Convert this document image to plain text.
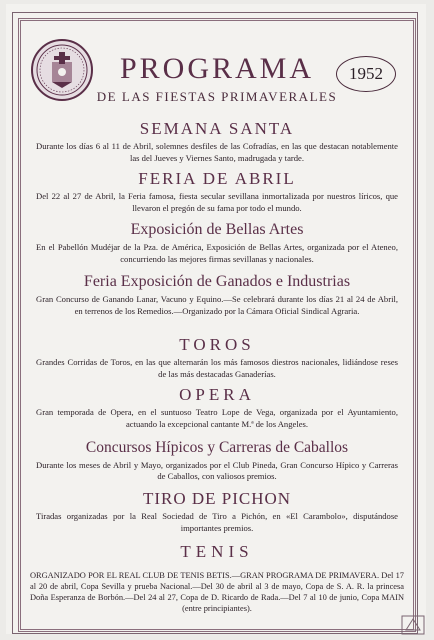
PROGRAMA	1952
DE LAS FIESTAS PRIMAVERALES
SEMANA SANTA
Durante los días 6 al 11 de Abril, solemnes desfiles de las Cofradías, en las que destacan notablemente las del Jueves y Viernes Santo, madrugada y tarde.
FERIA DE ABRIL
Del 22 al 27 de Abril, la Feria famosa, fiesta secular sevillana inmortalizada por nuestros líricos, que llevaron el pregón de su fama por todo el mundo.
Exposición de Bellas Artes
En el Pabellón Mudéjar de la Pza. de América, Exposición de Bellas Artes, organizada por el Ateneo, concurriendo las mejores firmas sevillanas y nacionales.
Feria Exposición de Ganados e Industrias
Gran Concurso de Ganando Lanar, Vacuno y Equino.—Se celebrará durante los días 21 al 24 de Abril, en terrenos de los Remedios.—Organizado por la Cámara Oficial Sindical Agraria.
TOROS
Grandes Corridas de Toros, en las que alternarán los más famosos diestros nacionales, lidiándose reses de las más destacadas Ganaderías.
OPERA
Gran temporada de Opera, en el suntuoso Teatro Lope de Vega, organizada por el Ayuntamiento, actuando la excepcional cantante M.ª de los Angeles.
Concursos Hípicos y Carreras de Caballos
Durante los meses de Abril y Mayo, organizados por el Club Pineda, Gran Concurso Hípico y Carreras de Caballos, con valiosos premios.
TIRO DE PICHON
Tiradas organizadas por la Real Sociedad de Tiro a Pichón, en «El Carambolo», disputándose importantes premios.
TENIS
ORGANIZADO POR EL REAL CLUB DE TENIS BETIS.—GRAN PROGRAMA DE PRIMAVERA. Del 17 al 20 de abril, Copa Sevilla y prueba Nacional.—Del 30 de abril al 3 de mayo, Copa de S. A. R. la princesa Doña Esperanza de Borbón.—Del 24 al 27, Copa de D. Ricardo de Rada.—Del 7 al 10 de junio, Copa MAIN (entre principiantes).
